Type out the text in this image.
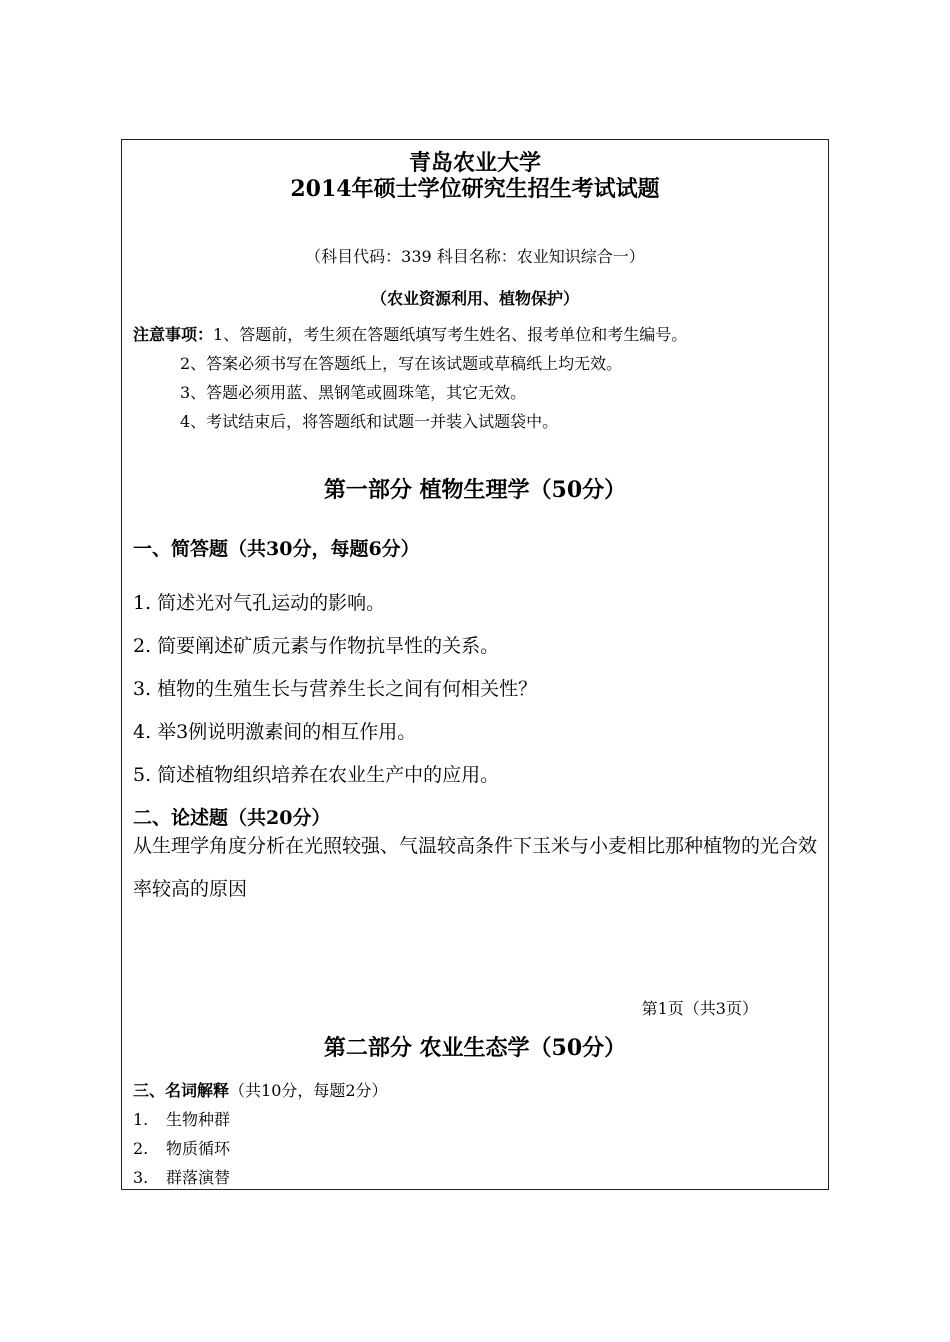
青岛农业大学
2014年硕士学位研究生招生考试试题
（科目代码：339 科目名称：农业知识综合一）
（农业资源利用、植物保护）
注意事项：1、答题前，考生须在答题纸填写考生姓名、报考单位和考生编号。
2、答案必须书写在答题纸上，写在该试题或草稿纸上均无效。
3、答题必须用蓝、黑钢笔或圆珠笔，其它无效。
4、考试结束后，将答题纸和试题一并装入试题袋中。
第一部分 植物生理学（50分）
一、简答题（共30分，每题6分）
1. 简述光对气孔运动的影响。
2. 简要阐述矿质元素与作物抗旱性的关系。
3. 植物的生殖生长与营养生长之间有何相关性？
4. 举3例说明激素间的相互作用。
5. 简述植物组织培养在农业生产中的应用。
二、论述题（共20分）
从生理学角度分析在光照较强、气温较高条件下玉米与小麦相比那种植物的光合效率较高的原因
第1页（共3页）
第二部分 农业生态学（50分）
三、名词解释（共10分，每题2分）
1. 生物种群
2. 物质循环
3. 群落演替
